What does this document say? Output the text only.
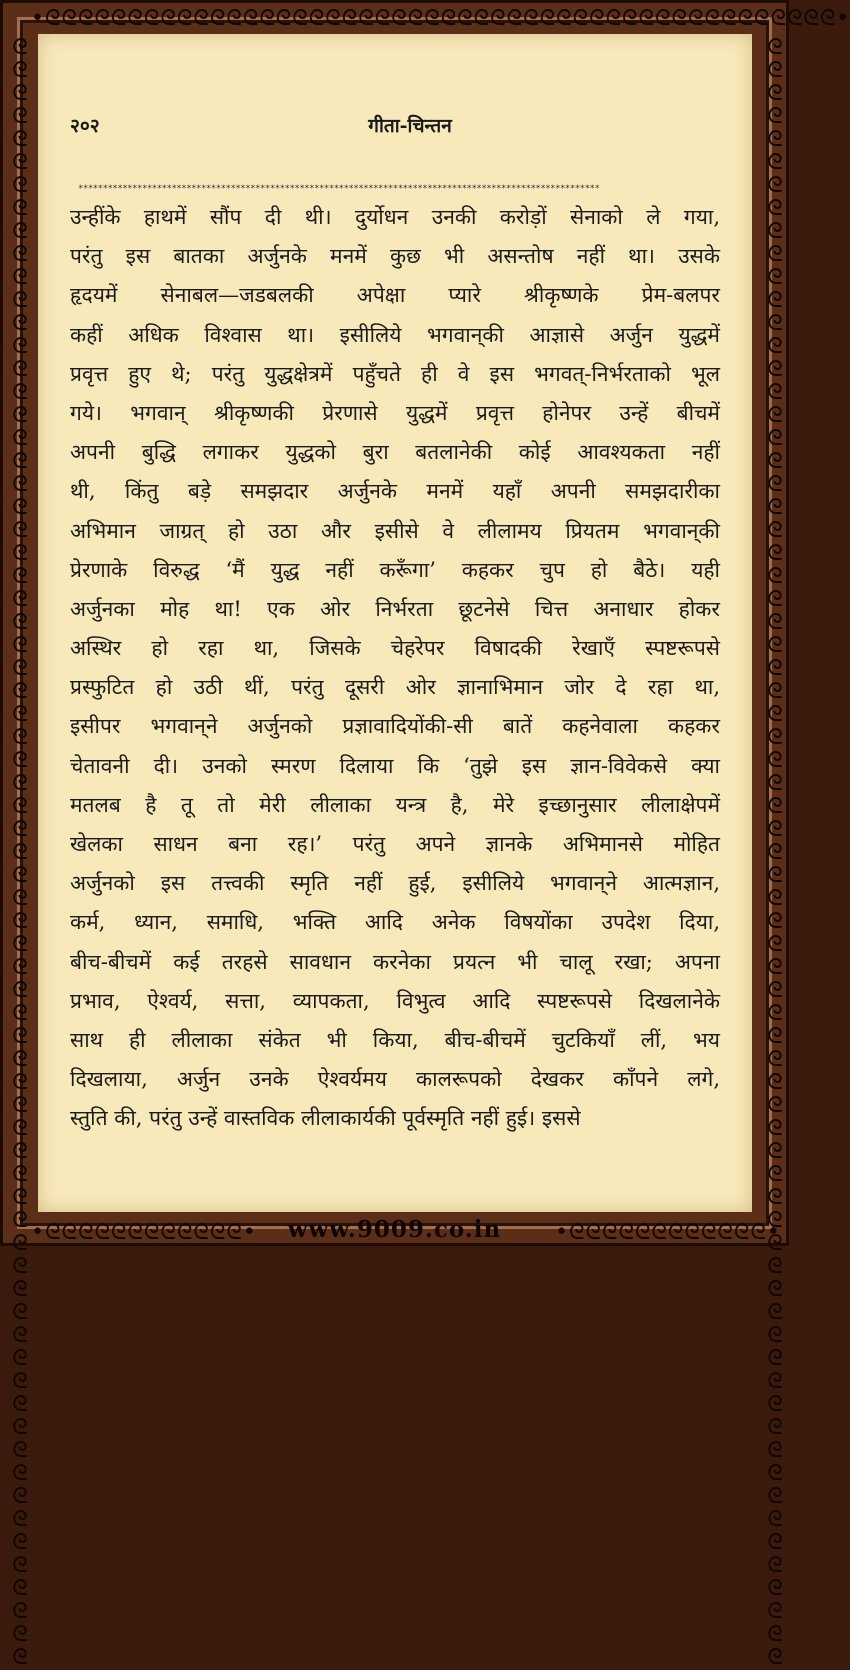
•ᘓᘓᘓᘓᘓᘓᘓᘓᘓᘓᘓᘓᘓᘓᘓᘓᘓᘓᘓᘓᘓᘓᘓᘓᘓᘓᘓᘓᘓᘓᘓᘓᘓᘓᘓᘓᘓᘓᘓᘓᘓᘓᘓᘓᘓᘓᘓᘓ•
ᘓᘓᘓᘓᘓᘓᘓᘓᘓᘓᘓᘓᘓᘓᘓᘓᘓᘓᘓᘓᘓᘓᘓᘓᘓᘓᘓᘓᘓᘓᘓᘓᘓᘓᘓᘓᘓᘓᘓᘓᘓᘓᘓᘓᘓᘓᘓᘓᘓᘓᘓᘓᘓᘓᘓᘓᘓᘓᘓᘓᘓᘓᘓᘓᘓᘓᘓᘓᘓᘓᘓ	ᘓᘓᘓᘓᘓᘓᘓᘓᘓᘓᘓᘓᘓᘓᘓᘓᘓᘓᘓᘓᘓᘓᘓᘓᘓᘓᘓᘓᘓᘓᘓᘓᘓᘓᘓᘓᘓᘓᘓᘓᘓᘓᘓᘓᘓᘓᘓᘓᘓᘓᘓᘓᘓᘓᘓᘓᘓᘓᘓᘓᘓᘓᘓᘓᘓᘓᘓᘓᘓᘓᘓ
•ᘓᘓᘓᘓᘓᘓᘓᘓᘓᘓᘓᘓ•	•ᘓᘓᘓᘓᘓᘓᘓᘓᘓᘓᘓᘓ•
२०२	गीता-चिन्तन
**********************************************************************************************************
उन्हींके हाथमें सौंप दी थी। दुर्योधन उनकी करोड़ों सेनाको ले गया,
परंतु इस बातका अर्जुनके मनमें कुछ भी असन्तोष नहीं था। उसके
हृदयमें सेनाबल—जडबलकी अपेक्षा प्यारे श्रीकृष्णके प्रेम-बलपर
कहीं अधिक विश्वास था। इसीलिये भगवान्‌की आज्ञासे अर्जुन युद्धमें
प्रवृत्त हुए थे; परंतु युद्धक्षेत्रमें पहुँचते ही वे इस भगवत्-निर्भरताको भूल
गये। भगवान् श्रीकृष्णकी प्रेरणासे युद्धमें प्रवृत्त होनेपर उन्हें बीचमें
अपनी बुद्धि लगाकर युद्धको बुरा बतलानेकी कोई आवश्यकता नहीं
थी, किंतु बड़े समझदार अर्जुनके मनमें यहाँ अपनी समझदारीका
अभिमान जाग्रत् हो उठा और इसीसे वे लीलामय प्रियतम भगवान्‌की
प्रेरणाके विरुद्ध ‘मैं युद्ध नहीं करूँगा’ कहकर चुप हो बैठे। यही
अर्जुनका मोह था! एक ओर निर्भरता छूटनेसे चित्त अनाधार होकर
अस्थिर हो रहा था, जिसके चेहरेपर विषादकी रेखाएँ स्पष्टरूपसे
प्रस्फुटित हो उठी थीं, परंतु दूसरी ओर ज्ञानाभिमान जोर दे रहा था,
इसीपर भगवान्‌ने अर्जुनको प्रज्ञावादियोंकी-सी बातें कहनेवाला कहकर
चेतावनी दी। उनको स्मरण दिलाया कि ‘तुझे इस ज्ञान-विवेकसे क्या
मतलब है तू तो मेरी लीलाका यन्त्र है, मेरे इच्छानुसार लीलाक्षेपमें
खेलका साधन बना रह।’ परंतु अपने ज्ञानके अभिमानसे मोहित
अर्जुनको इस तत्त्वकी स्मृति नहीं हुई, इसीलिये भगवान्‌ने आत्मज्ञान,
कर्म, ध्यान, समाधि, भक्ति आदि अनेक विषयोंका उपदेश दिया,
बीच-बीचमें कई तरहसे सावधान करनेका प्रयत्न भी चालू रखा; अपना
प्रभाव, ऐश्वर्य, सत्ता, व्यापकता, विभुत्व आदि स्पष्टरूपसे दिखलानेके
साथ ही लीलाका संकेत भी किया, बीच-बीचमें चुटकियाँ लीं, भय
दिखलाया, अर्जुन उनके ऐश्वर्यमय कालरूपको देखकर काँपने लगे,
स्तुति की, परंतु उन्हें वास्तविक लीलाकार्यकी पूर्वस्मृति नहीं हुई। इससे
www.9009.co.in
